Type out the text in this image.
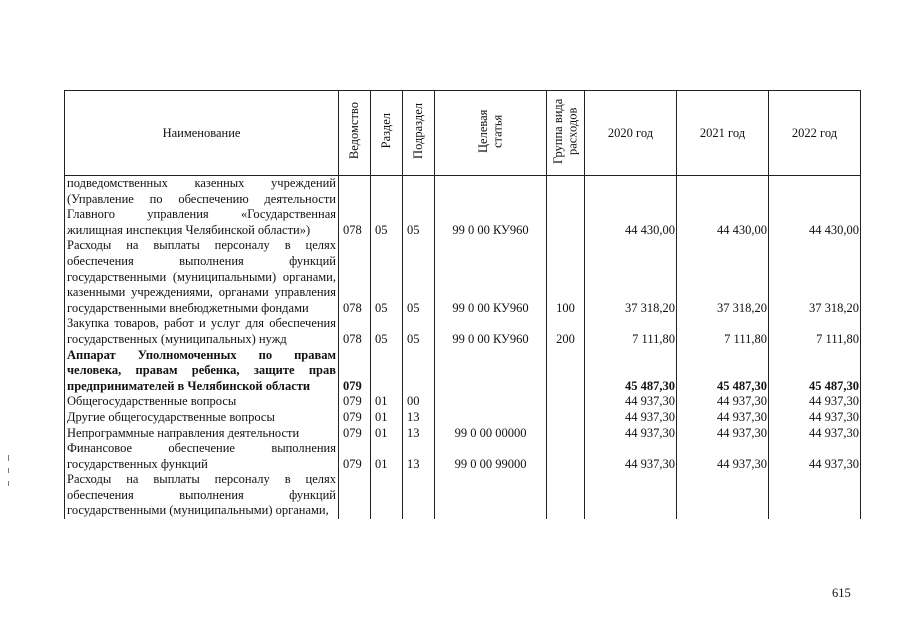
Наименование	Ведомство	Раздел	Подраздел	Целевая статья	Группа вида расходов	2020 год	2021 год	2022 год
подведомственных казенных учреждений (Управление по обеспечению деятельности Главного управления «Государственная жилищная инспекция Челябинской области»)	078	05	05	99 0 00 КУ960		44 430,00	44 430,00	44 430,00
Расходы на выплаты персоналу в целях обеспечения выполнения функций государственными (муниципальными) органами, казенными учреждениями, органами управления государственными внебюджетными фондами	078	05	05	99 0 00 КУ960	100	37 318,20	37 318,20	37 318,20
Закупка товаров, работ и услуг для обеспечения государственных (муниципальных) нужд	078	05	05	99 0 00 КУ960	200	7 111,80	7 111,80	7 111,80
Аппарат Уполномоченных по правам человека, правам ребенка, защите прав предпринимателей в Челябинской области	079					45 487,30	45 487,30	45 487,30
Общегосударственные вопросы	079	01	00			44 937,30	44 937,30	44 937,30
Другие общегосударственные вопросы	079	01	13			44 937,30	44 937,30	44 937,30
Непрограммные направления деятельности	079	01	13	99 0 00 00000		44 937,30	44 937,30	44 937,30
Финансовое обеспечение выполнения государственных функций	079	01	13	99 0 00 99000		44 937,30	44 937,30	44 937,30
Расходы на выплаты персоналу в целях обеспечения выполнения функций государственными (муниципальными) органами,								
615
